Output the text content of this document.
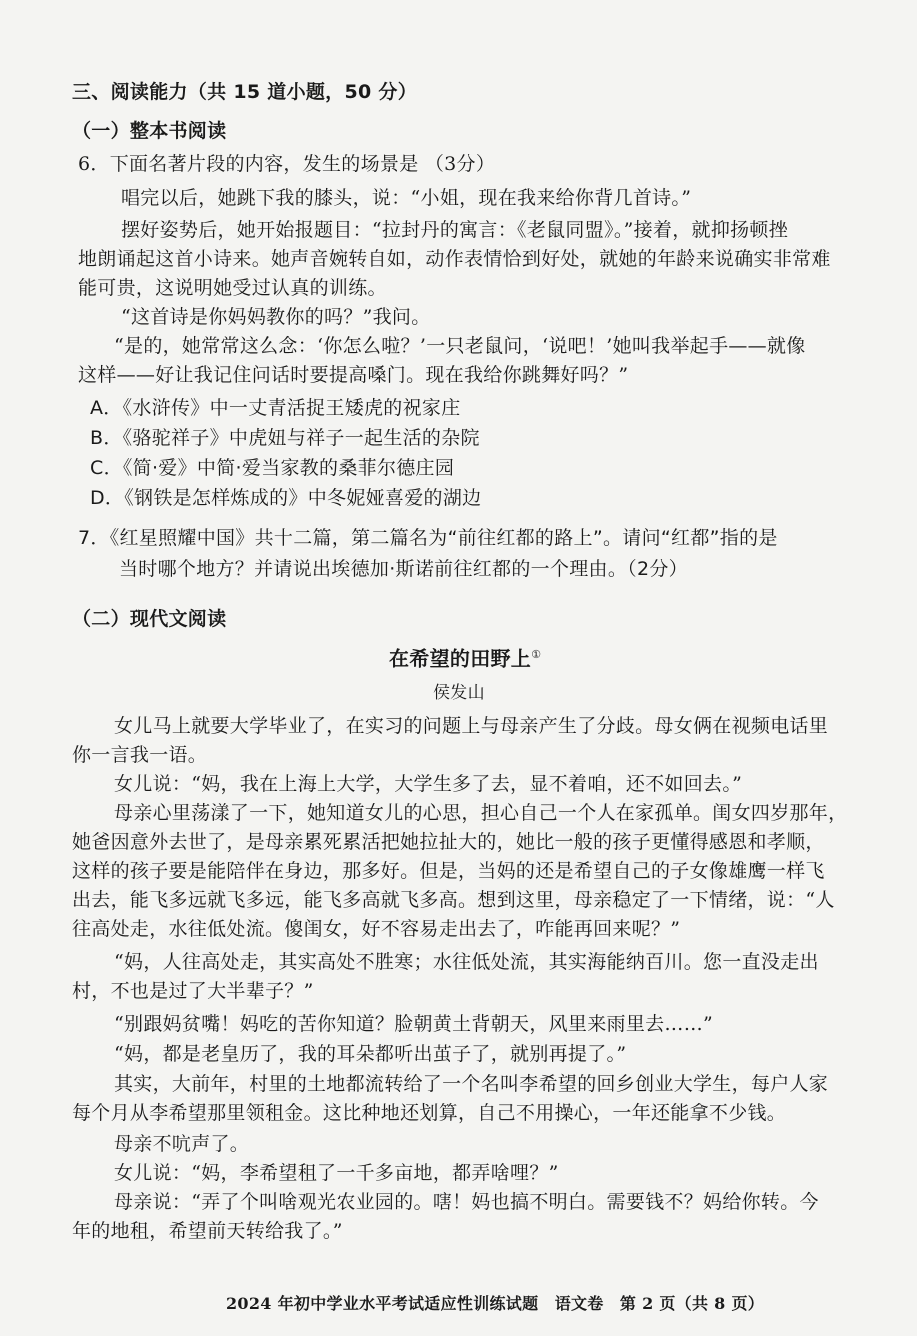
三、阅读能力（共 15 道小题，50 分）
（一）整本书阅读
6．下面名著片段的内容，发生的场景是 （3分）
唱完以后，她跳下我的膝头，说：“小姐，现在我来给你背几首诗。”
摆好姿势后，她开始报题目：“拉封丹的寓言：《老鼠同盟》。”接着，就抑扬顿挫
地朗诵起这首小诗来。她声音婉转自如，动作表情恰到好处，就她的年龄来说确实非常难
能可贵，这说明她受过认真的训练。
“这首诗是你妈妈教你的吗？”我问。
“是的，她常常这么念：‘你怎么啦？’一只老鼠问，‘说吧！’她叫我举起手——就像
这样——好让我记住问话时要提高嗓门。现在我给你跳舞好吗？”
A．《水浒传》中一丈青活捉王矮虎的祝家庄
B．《骆驼祥子》中虎妞与祥子一起生活的杂院
C．《简·爱》中简·爱当家教的桑菲尔德庄园
D．《钢铁是怎样炼成的》中冬妮娅喜爱的湖边
7．《红星照耀中国》共十二篇，第二篇名为“前往红都的路上”。请问“红都”指的是
当时哪个地方？并请说出埃德加·斯诺前往红都的一个理由。（2分）
（二）现代文阅读
在希望的田野上①
侯发山
女儿马上就要大学毕业了，在实习的问题上与母亲产生了分歧。母女俩在视频电话里
你一言我一语。
女儿说：“妈，我在上海上大学，大学生多了去，显不着咱，还不如回去。”
母亲心里荡漾了一下，她知道女儿的心思，担心自己一个人在家孤单。闺女四岁那年，
她爸因意外去世了，是母亲累死累活把她拉扯大的，她比一般的孩子更懂得感恩和孝顺，
这样的孩子要是能陪伴在身边，那多好。但是，当妈的还是希望自己的子女像雄鹰一样飞
出去，能飞多远就飞多远，能飞多高就飞多高。想到这里，母亲稳定了一下情绪，说：“人
往高处走，水往低处流。傻闺女，好不容易走出去了，咋能再回来呢？”
“妈，人往高处走，其实高处不胜寒；水往低处流，其实海能纳百川。您一直没走出
村，不也是过了大半辈子？”
“别跟妈贫嘴！妈吃的苦你知道？脸朝黄土背朝天，风里来雨里去……”
“妈，都是老皇历了，我的耳朵都听出茧子了，就别再提了。”
其实，大前年，村里的土地都流转给了一个名叫李希望的回乡创业大学生，每户人家
每个月从李希望那里领租金。这比种地还划算，自己不用操心，一年还能拿不少钱。
母亲不吭声了。
女儿说：“妈，李希望租了一千多亩地，都弄啥哩？”
母亲说：“弄了个叫啥观光农业园的。嗐！妈也搞不明白。需要钱不？妈给你转。今
年的地租，希望前天转给我了。”
2024 年初中学业水平考试适应性训练试题　语文卷　第 2 页（共 8 页）
